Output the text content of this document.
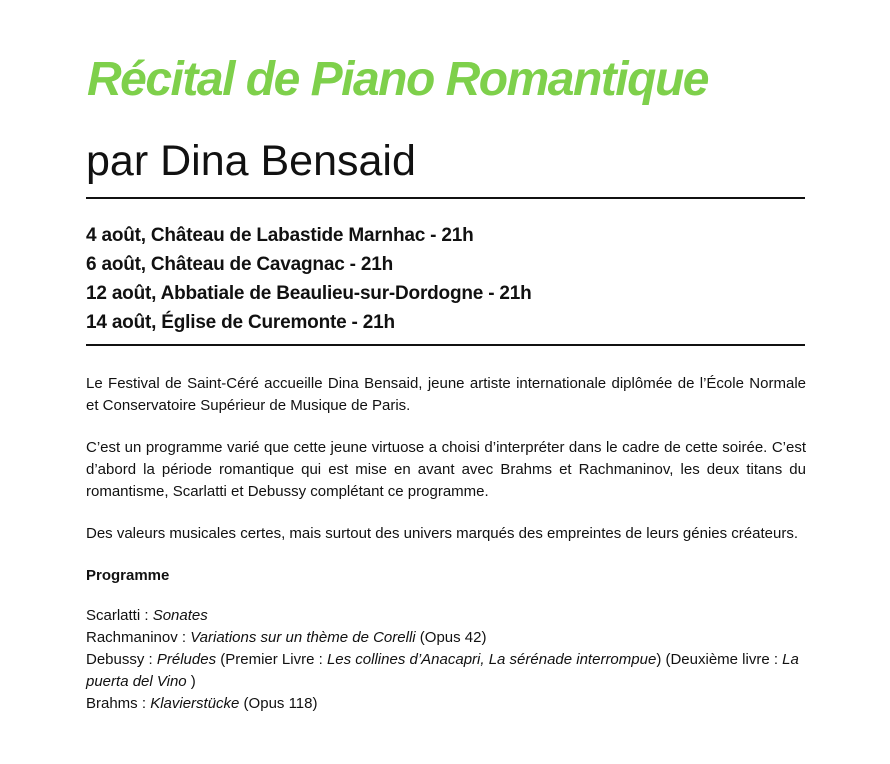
Récital de Piano Romantique
par Dina Bensaid
4 août, Château de Labastide Marnhac - 21h
6 août, Château de Cavagnac - 21h
12 août, Abbatiale de Beaulieu-sur-Dordogne - 21h
14 août, Église de Curemonte - 21h

Le Festival de Saint-Céré accueille Dina Bensaid, jeune artiste internationale diplômée de l’École Normale et Conservatoire Supérieur de Musique de Paris.

C’est un programme varié que cette jeune virtuose a choisi d’interpréter dans le cadre de cette soirée. C’est d’abord la période romantique qui est mise en avant avec Brahms et Rachmaninov, les deux titans du romantisme, Scarlatti et Debussy complétant ce programme.

Des valeurs musicales certes, mais surtout des univers marqués des empreintes de leurs génies créateurs.

Programme

Scarlatti : Sonates
Rachmaninov : Variations sur un thème de Corelli (Opus 42)
Debussy : Préludes (Premier Livre : Les collines d’Anacapri, La sérénade interrompue) (Deuxième livre : La puerta del Vino )
Brahms : Klavierstücke (Opus 118)
